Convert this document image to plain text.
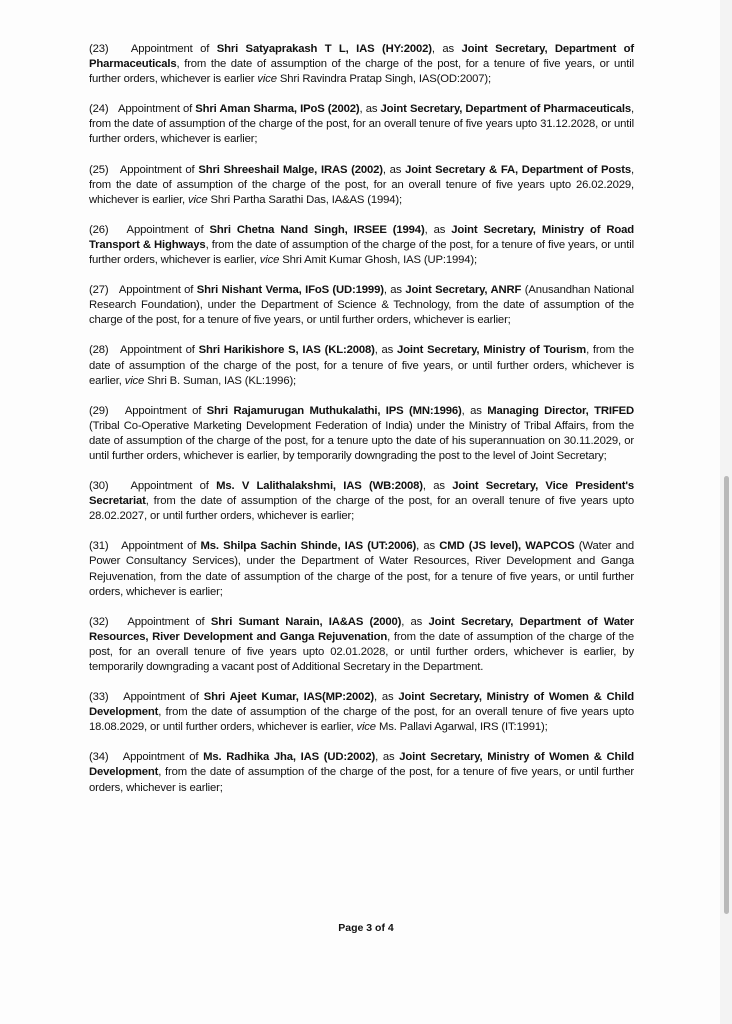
(23)   Appointment of Shri Satyaprakash T L, IAS (HY:2002), as Joint Secretary, Department of Pharmaceuticals, from the date of assumption of the charge of the post, for a tenure of five years, or until further orders, whichever is earlier vice Shri Ravindra Pratap Singh, IAS(OD:2007);

(24)   Appointment of Shri Aman Sharma, IPoS (2002), as Joint Secretary, Department of Pharmaceuticals, from the date of assumption of the charge of the post, for an overall tenure of five years upto 31.12.2028, or until further orders, whichever is earlier;

(25)   Appointment of Shri Shreeshail Malge, IRAS (2002), as Joint Secretary & FA, Department of Posts, from the date of assumption of the charge of the post, for an overall tenure of five years upto 26.02.2029, whichever is earlier, vice Shri Partha Sarathi Das, IA&AS (1994);

(26)   Appointment of Shri Chetna Nand Singh, IRSEE (1994), as Joint Secretary, Ministry of Road Transport & Highways, from the date of assumption of the charge of the post, for a tenure of five years, or until further orders, whichever is earlier, vice Shri Amit Kumar Ghosh, IAS (UP:1994);

(27)   Appointment of Shri Nishant Verma, IFoS (UD:1999), as Joint Secretary, ANRF (Anusandhan National Research Foundation), under the Department of Science & Technology, from the date of assumption of the charge of the post, for a tenure of five years, or until further orders, whichever is earlier;

(28)   Appointment of Shri Harikishore S, IAS (KL:2008), as Joint Secretary, Ministry of Tourism, from the date of assumption of the charge of the post, for a tenure of five years, or until further orders, whichever is earlier, vice Shri B. Suman, IAS (KL:1996);

(29)   Appointment of Shri Rajamurugan Muthukalathi, IPS (MN:1996), as Managing Director, TRIFED (Tribal Co-Operative Marketing Development Federation of India) under the Ministry of Tribal Affairs, from the date of assumption of the charge of the post, for a tenure upto the date of his superannuation on 30.11.2029, or until further orders, whichever is earlier, by temporarily downgrading the post to the level of Joint Secretary;

(30)   Appointment of Ms. V Lalithalakshmi, IAS (WB:2008), as Joint Secretary, Vice President's Secretariat, from the date of assumption of the charge of the post, for an overall tenure of five years upto 28.02.2027, or until further orders, whichever is earlier;

(31)   Appointment of Ms. Shilpa Sachin Shinde, IAS (UT:2006), as CMD (JS level), WAPCOS (Water and Power Consultancy Services), under the Department of Water Resources, River Development and Ganga Rejuvenation, from the date of assumption of the charge of the post, for a tenure of five years, or until further orders, whichever is earlier;

(32)   Appointment of Shri Sumant Narain, IA&AS (2000), as Joint Secretary, Department of Water Resources, River Development and Ganga Rejuvenation, from the date of assumption of the charge of the post, for an overall tenure of five years upto 02.01.2028, or until further orders, whichever is earlier, by temporarily downgrading a vacant post of Additional Secretary in the Department.

(33)   Appointment of Shri Ajeet Kumar, IAS(MP:2002), as Joint Secretary, Ministry of Women & Child Development, from the date of assumption of the charge of the post, for an overall tenure of five years upto 18.08.2029, or until further orders, whichever is earlier, vice Ms. Pallavi Agarwal, IRS (IT:1991);

(34)   Appointment of Ms. Radhika Jha, IAS (UD:2002), as Joint Secretary, Ministry of Women & Child Development, from the date of assumption of the charge of the post, for a tenure of five years, or until further orders, whichever is earlier;

Page 3 of 4
